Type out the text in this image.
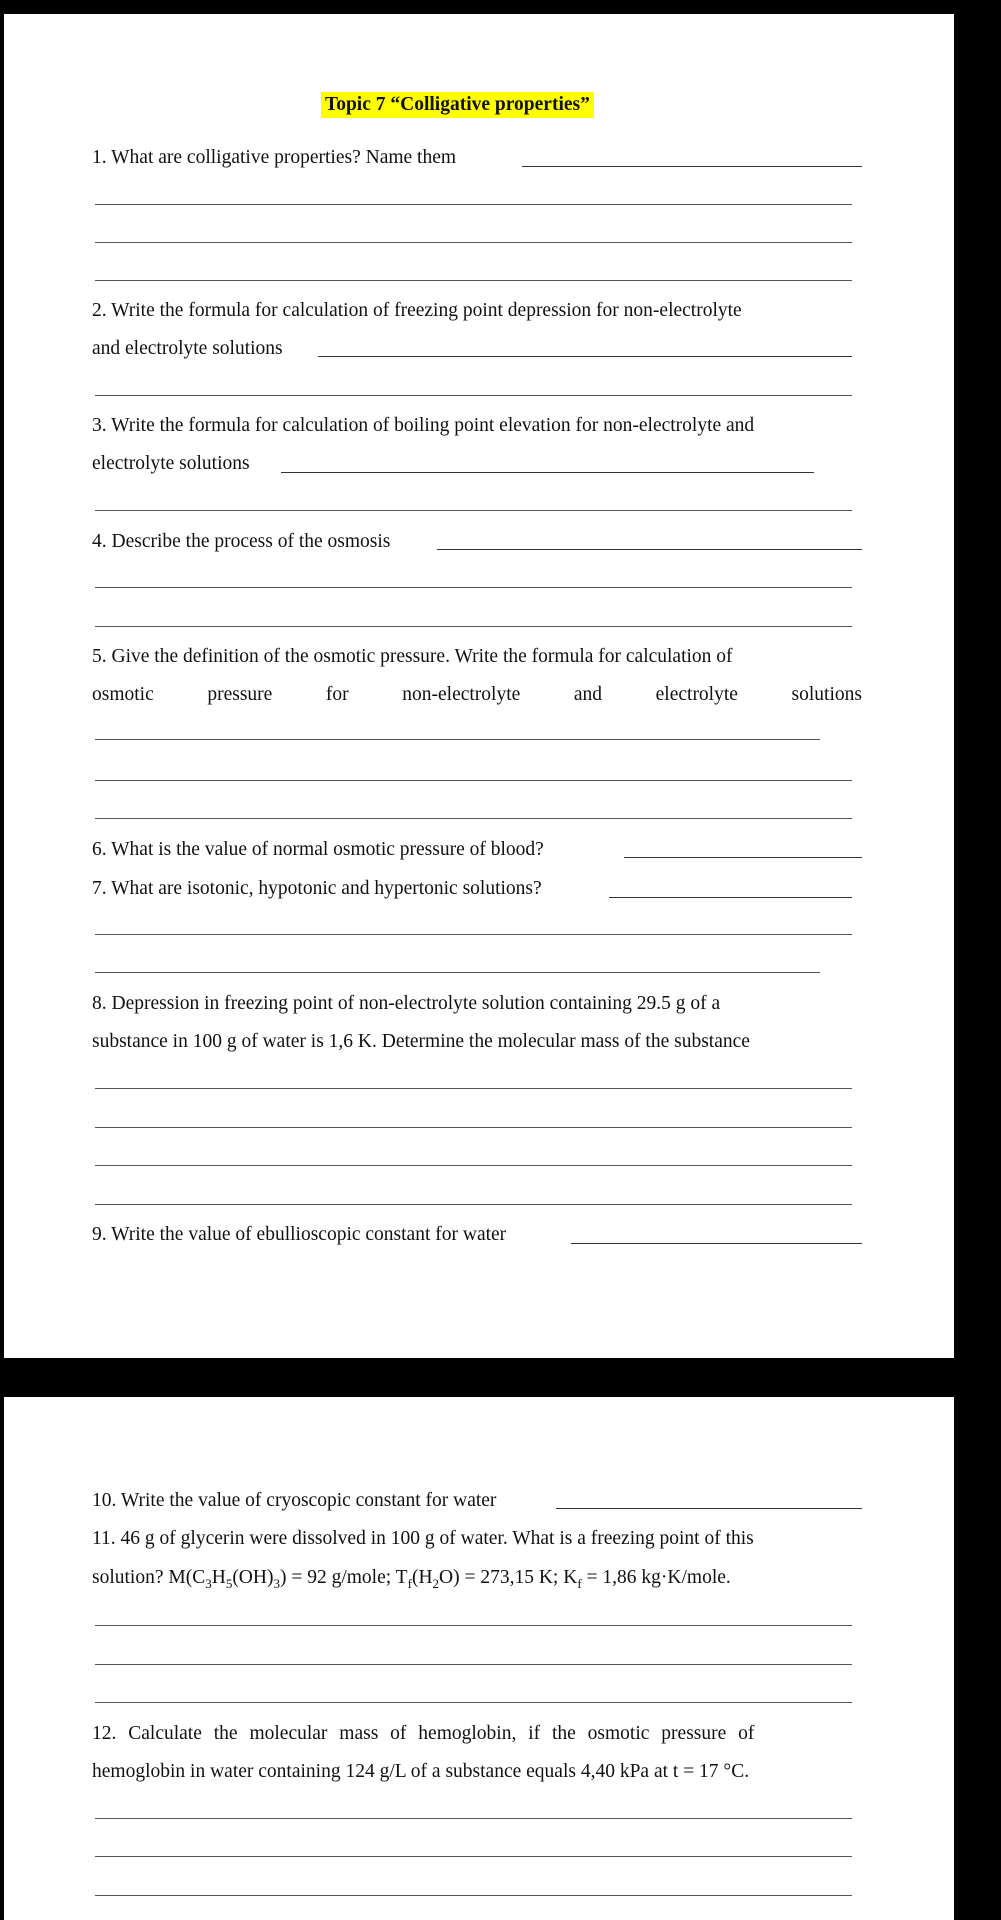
Topic 7 “Colligative properties”
1. What are colligative properties? Name them
2. Write the formula for calculation of freezing point depression for non-electrolyte
and electrolyte solutions
3. Write the formula for calculation of boiling point elevation for non-electrolyte and
electrolyte solutions
4. Describe the process of the osmosis
5. Give the definition of the osmotic pressure. Write the formula for calculation of
osmotic	pressure	for	non-electrolyte	and	electrolyte	solutions
6. What is the value of normal osmotic pressure of blood?
7. What are isotonic, hypotonic and hypertonic solutions?
8. Depression in freezing point of non-electrolyte solution containing 29.5 g of a
substance in 100 g of water is 1,6 K. Determine the molecular mass of the substance
9. Write the value of ebullioscopic constant for water
10. Write the value of cryoscopic constant for water
11. 46 g of glycerin were dissolved in 100 g of water. What is a freezing point of this
solution? $M(C_3H_5(OH)_3) = 92$ g/mole; $T_f(H_2O) = 273,15$ K; $K_f = 1,86$ kg·K/mole.
12. Calculate the molecular mass of hemoglobin, if the osmotic pressure of
hemoglobin in water containing 124 g/L of a substance equals 4,40 kPa at t = 17 °C.
